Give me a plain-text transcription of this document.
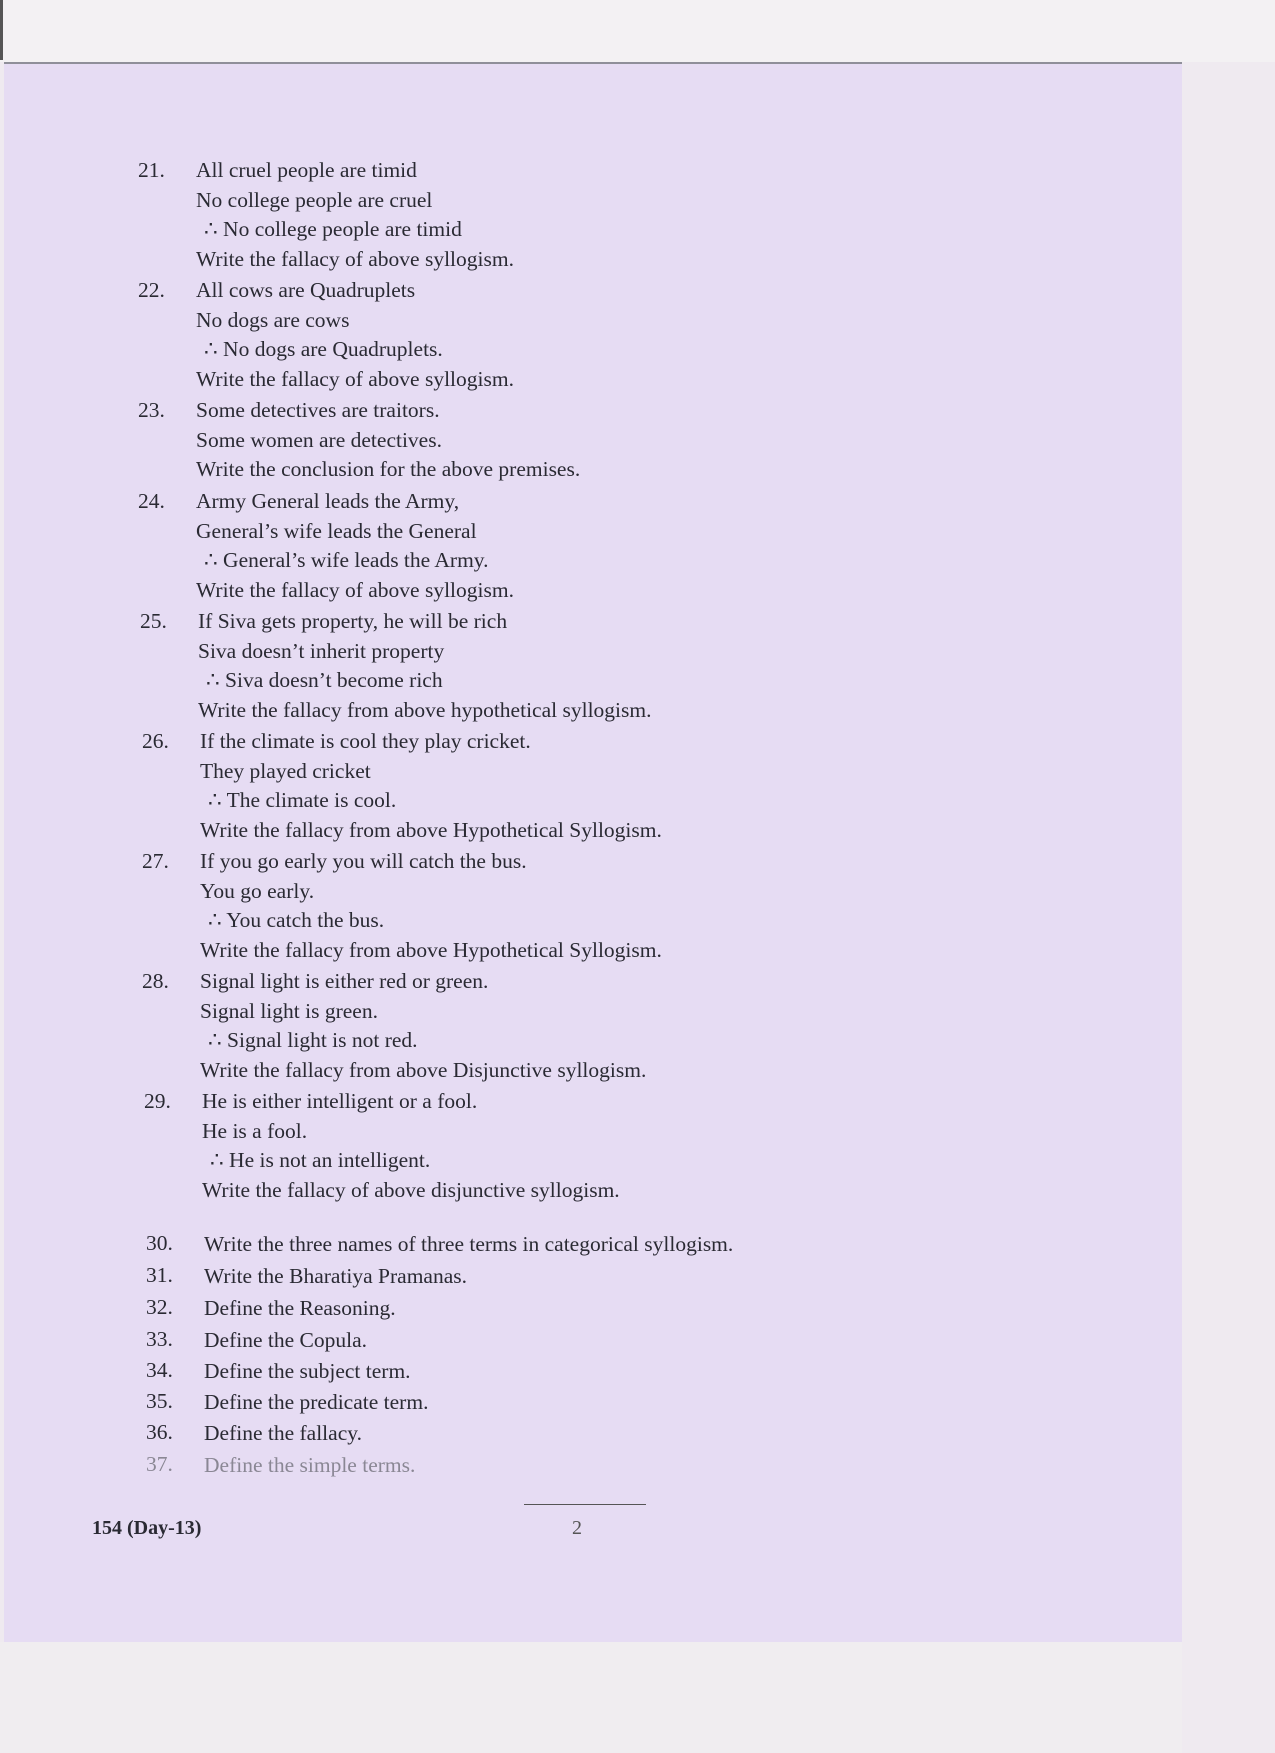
21.	All cruel people are timid
No college people are cruel
∴ No college people are timid
Write the fallacy of above syllogism.
22.	All cows are Quadruplets
No dogs are cows
∴ No dogs are Quadruplets.
Write the fallacy of above syllogism.
23.	Some detectives are traitors.
Some women are detectives.
Write the conclusion for the above premises.
24.	Army General leads the Army,
General’s wife leads the General
∴ General’s wife leads the Army.
Write the fallacy of above syllogism.
25.	If Siva gets property, he will be rich
Siva doesn’t inherit property
∴ Siva doesn’t become rich
Write the fallacy from above hypothetical syllogism.
26.	If the climate is cool they play cricket.
They played cricket
∴ The climate is cool.
Write the fallacy from above Hypothetical Syllogism.
27.	If you go early you will catch the bus.
You go early.
∴ You catch the bus.
Write the fallacy from above Hypothetical Syllogism.
28.	Signal light is either red or green.
Signal light is green.
∴ Signal light is not red.
Write the fallacy from above Disjunctive syllogism.
29.	He is either intelligent or a fool.
He is a fool.
∴ He is not an intelligent.
Write the fallacy of above disjunctive syllogism.
30.	Write the three names of three terms in categorical syllogism.
31.	Write the Bharatiya Pramanas.
32.	Define the Reasoning.
33.	Define the Copula.
34.	Define the subject term.
35.	Define the predicate term.
36.	Define the fallacy.
37.	Define the simple terms.
154 (Day-13)	2
